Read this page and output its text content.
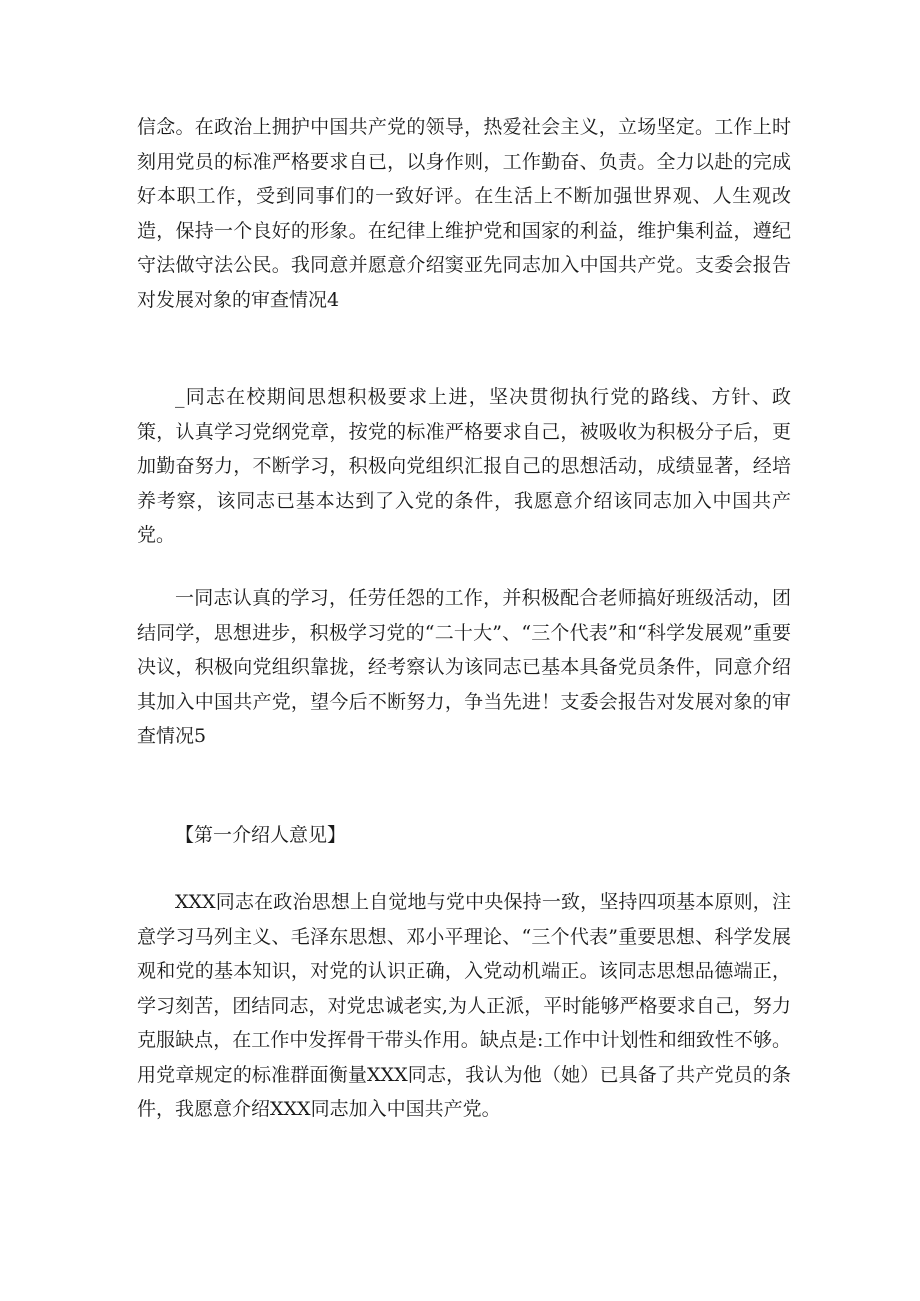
信念。在政治上拥护中国共产党的领导，热爱社会主义，立场坚定。工作上时刻用党员的标准严格要求自已，以身作则，工作勤奋、负责。全力以赴的完成好本职工作，受到同事们的一致好评。在生活上不断加强世界观、人生观改造，保持一个良好的形象。在纪律上维护党和国家的利益，维护集利益，遵纪守法做守法公民。我同意并愿意介绍窦亚先同志加入中国共产党。支委会报告对发展对象的审查情况4

_同志在校期间思想积极要求上进，坚决贯彻执行党的路线、方针、政策，认真学习党纲党章，按党的标准严格要求自己，被吸收为积极分子后，更加勤奋努力，不断学习，积极向党组织汇报自己的思想活动，成绩显著，经培养考察，该同志已基本达到了入党的条件，我愿意介绍该同志加入中国共产党。

一同志认真的学习，任劳任怨的工作，并积极配合老师搞好班级活动，团结同学，思想进步，积极学习党的“二十大”、“三个代表”和“科学发展观”重要决议，积极向党组织靠拢，经考察认为该同志已基本具备党员条件，同意介绍其加入中国共产党，望今后不断努力，争当先进！支委会报告对发展对象的审查情况5

【第一介绍人意见】

XXX同志在政治思想上自觉地与党中央保持一致，坚持四项基本原则，注意学习马列主义、毛泽东思想、邓小平理论、“三个代表”重要思想、科学发展观和党的基本知识，对党的认识正确，入党动机端正。该同志思想品德端正，学习刻苦，团结同志，对党忠诚老实,为人正派，平时能够严格要求自己，努力克服缺点，在工作中发挥骨干带头作用。缺点是:工作中计划性和细致性不够。用党章规定的标准群面衡量XXX同志，我认为他（她）已具备了共产党员的条件，我愿意介绍XXX同志加入中国共产党。
